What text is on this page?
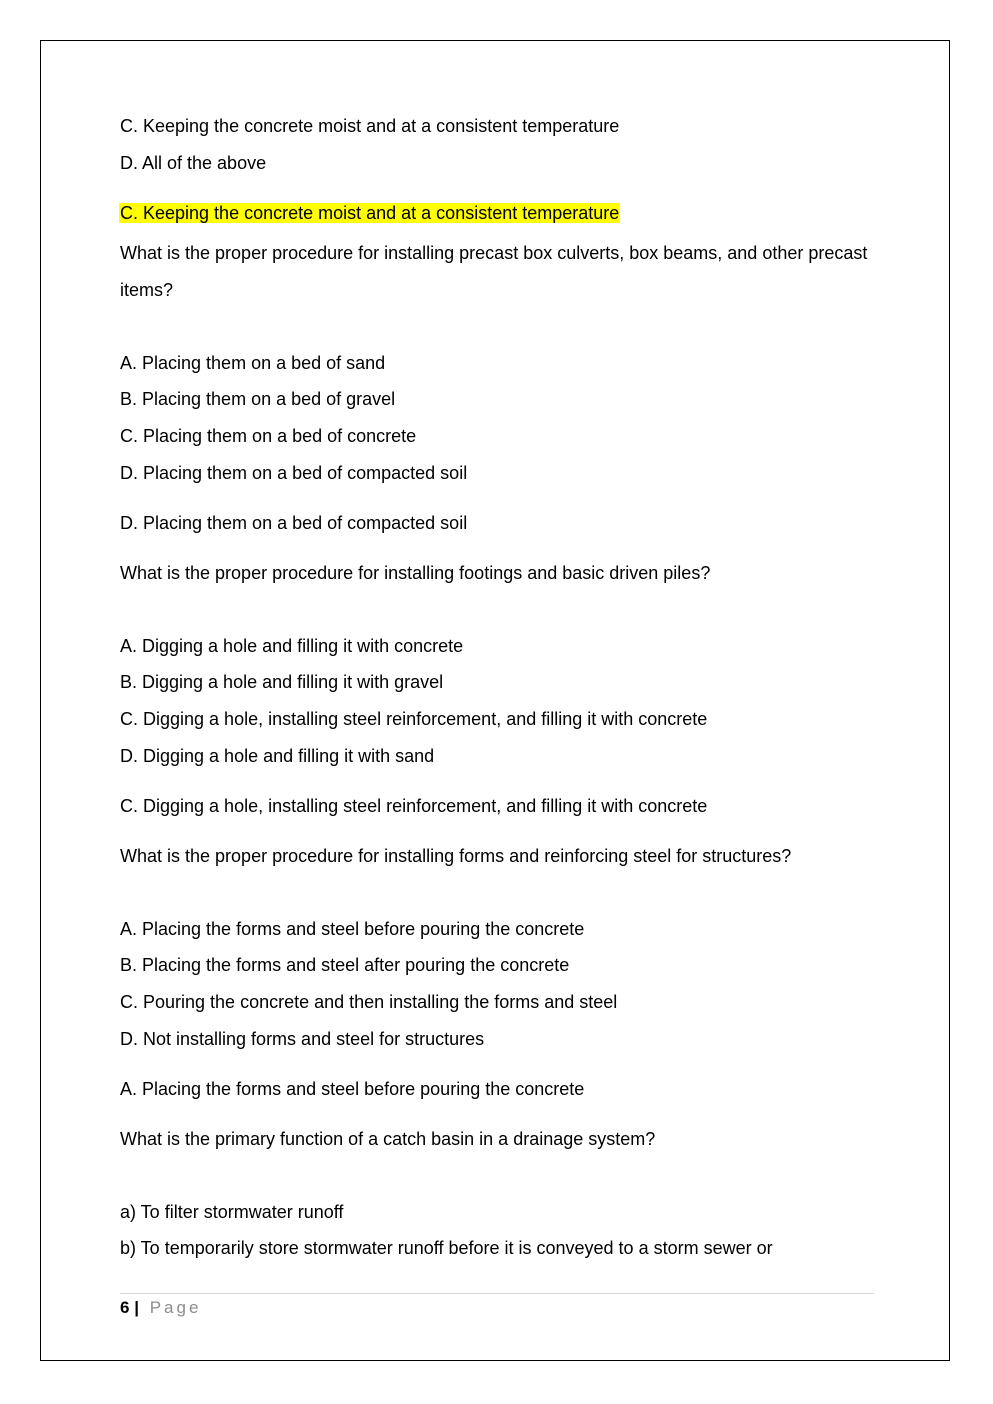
C. Keeping the concrete moist and at a consistent temperature

D. All of the above

C. Keeping the concrete moist and at a consistent temperature

What is the proper procedure for installing precast box culverts, box beams, and other precast items?

A. Placing them on a bed of sand

B. Placing them on a bed of gravel

C. Placing them on a bed of concrete

D. Placing them on a bed of compacted soil

D. Placing them on a bed of compacted soil

What is the proper procedure for installing footings and basic driven piles?

A. Digging a hole and filling it with concrete

B. Digging a hole and filling it with gravel

C. Digging a hole, installing steel reinforcement, and filling it with concrete

D. Digging a hole and filling it with sand

C. Digging a hole, installing steel reinforcement, and filling it with concrete

What is the proper procedure for installing forms and reinforcing steel for structures?

A. Placing the forms and steel before pouring the concrete

B. Placing the forms and steel after pouring the concrete

C. Pouring the concrete and then installing the forms and steel

D. Not installing forms and steel for structures

A. Placing the forms and steel before pouring the concrete

What is the primary function of a catch basin in a drainage system?

a) To filter stormwater runoff

b) To temporarily store stormwater runoff before it is conveyed to a storm sewer or

6 | Page
